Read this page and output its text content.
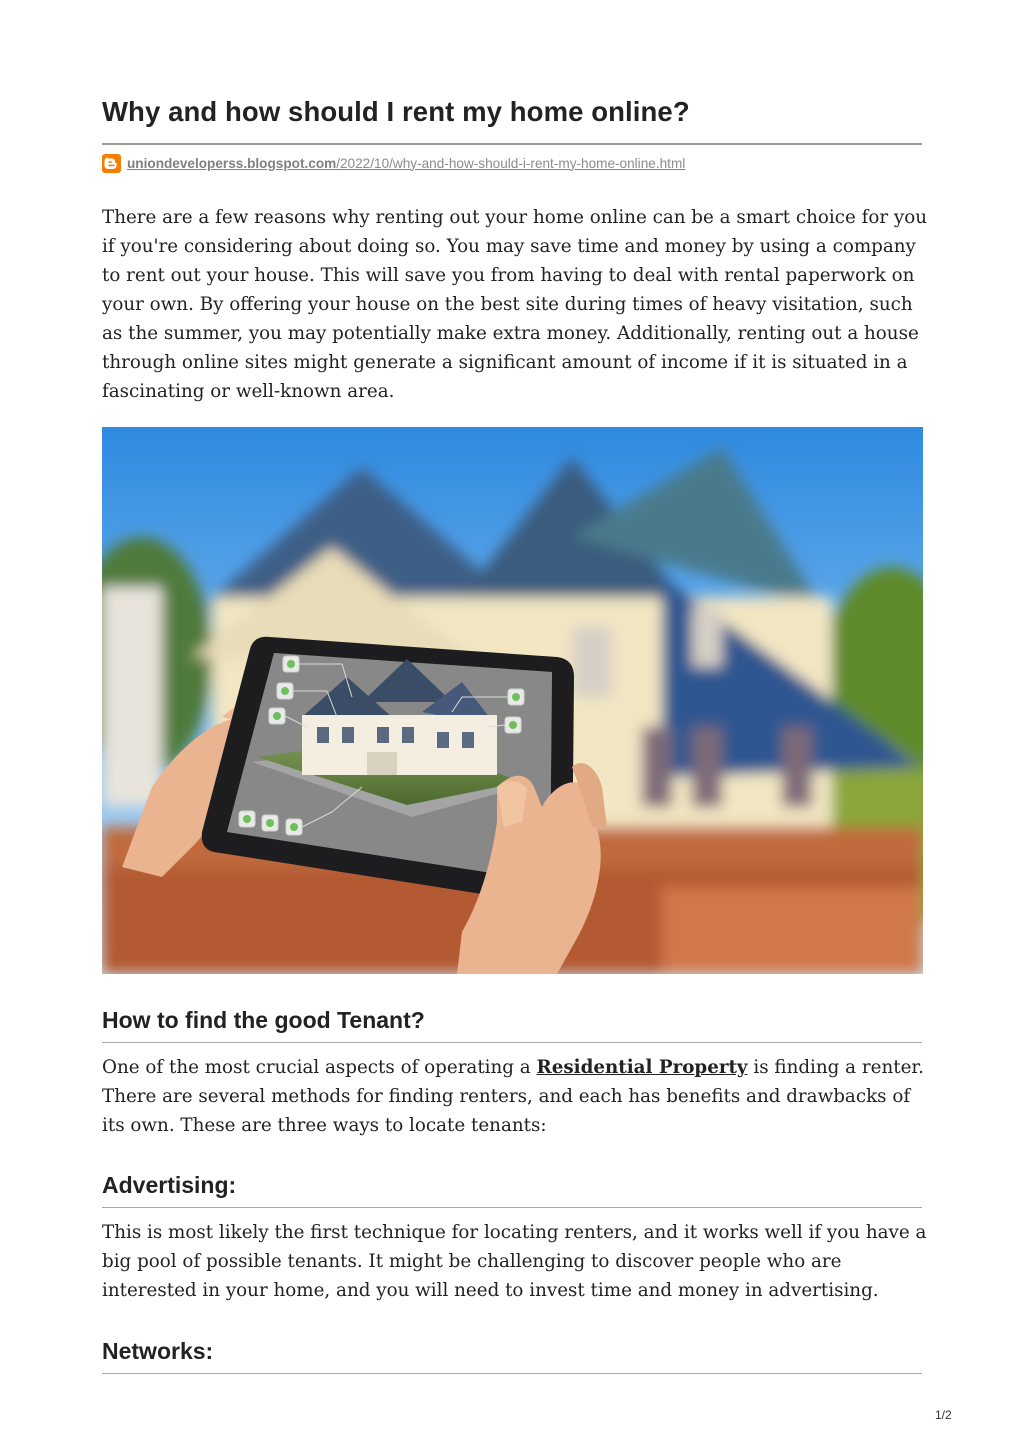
Why and how should I rent my home online?
uniondeveloperss.blogspot.com/2022/10/why-and-how-should-i-rent-my-home-online.html

There are a few reasons why renting out your home online can be a smart choice for you if you're considering about doing so. You may save time and money by using a company to rent out your house. This will save you from having to deal with rental paperwork on your own. By offering your house on the best site during times of heavy visitation, such as the summer, you may potentially make extra money. Additionally, renting out a house through online sites might generate a significant amount of income if it is situated in a fascinating or well-known area.

How to find the good Tenant?

One of the most crucial aspects of operating a Residential Property is finding a renter. There are several methods for finding renters, and each has benefits and drawbacks of its own. These are three ways to locate tenants:

Advertising:

This is most likely the first technique for locating renters, and it works well if you have a big pool of possible tenants. It might be challenging to discover people who are interested in your home, and you will need to invest time and money in advertising.

Networks:
1/2
